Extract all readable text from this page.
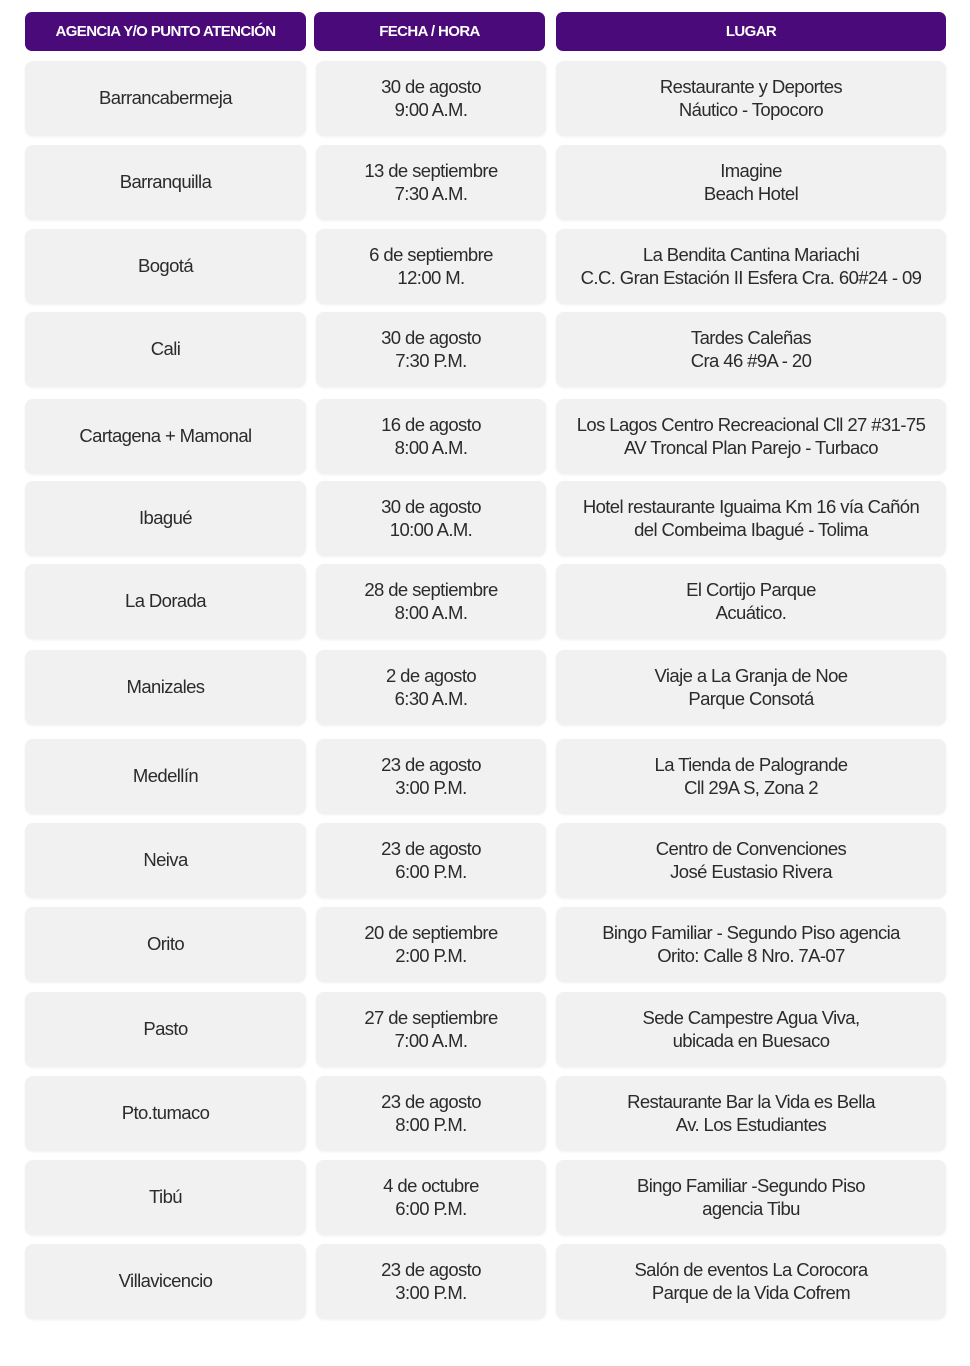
AGENCIA Y/O PUNTO ATENCIÓN	FECHA / HORA	LUGAR
Barrancabermeja
30 de agosto
9:00 A.M.
Restaurante y Deportes
Náutico - Topocoro
Barranquilla
13 de septiembre
7:30 A.M.
Imagine
Beach Hotel
Bogotá
6 de septiembre
12:00 M.
La Bendita Cantina Mariachi
C.C. Gran Estación II Esfera Cra. 60#24 - 09
Cali
30 de agosto
7:30 P.M.
Tardes Caleñas
Cra 46 #9A - 20
Cartagena + Mamonal
16 de agosto
8:00 A.M.
Los Lagos Centro Recreacional Cll 27 #31-75
AV Troncal Plan Parejo - Turbaco
Ibagué
30 de agosto
10:00 A.M.
Hotel restaurante Iguaima Km 16 vía Cañón
del Combeima Ibagué - Tolima
La Dorada
28 de septiembre
8:00 A.M.
El Cortijo Parque
Acuático.
Manizales
2 de agosto
6:30 A.M.
Viaje a La Granja de Noe
Parque Consotá
Medellín
23 de agosto
3:00 P.M.
La Tienda de Palogrande
Cll 29A S, Zona 2
Neiva
23 de agosto
6:00 P.M.
Centro de Convenciones
José Eustasio Rivera
Orito
20 de septiembre
2:00 P.M.
Bingo Familiar - Segundo Piso agencia
Orito: Calle 8 Nro. 7A-07
Pasto
27 de septiembre
7:00 A.M.
Sede Campestre Agua Viva,
ubicada en Buesaco
Pto.tumaco
23 de agosto
8:00 P.M.
Restaurante Bar la Vida es Bella
Av. Los Estudiantes
Tibú
4 de octubre
6:00 P.M.
Bingo Familiar -Segundo Piso
agencia Tibu
Villavicencio
23 de agosto
3:00 P.M.
Salón de eventos La Corocora
Parque de la Vida Cofrem
